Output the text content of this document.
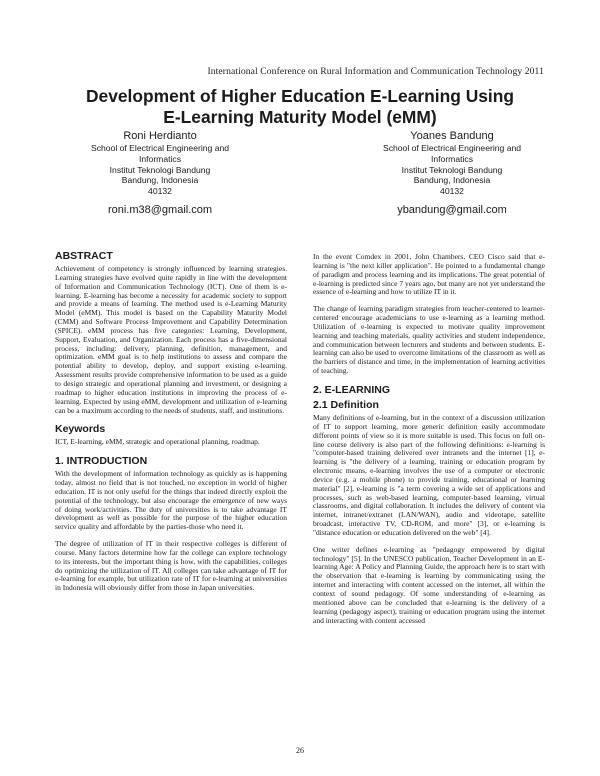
International Conference on Rural Information and Communication Technology 2011
Development of Higher Education E-Learning Using
E-Learning Maturity Model (eMM)
Roni Herdianto
School of Electrical Engineering and
Informatics
Institut Teknologi Bandung
Bandung, Indonesia
40132
roni.m38@gmail.com
Yoanes Bandung
School of Electrical Engineering and
Informatics
Institut Teknologi Bandung
Bandung, Indonesia
40132
ybandung@gmail.com
ABSTRACT

Achievement of competency is strongly influenced by learning strategies. Learning strategies have evolved quite rapidly in line with the development of Information and Communication Technology (ICT). One of them is e-learning. E-learning has become a necessity for academic society to support and provide a means of learning. The method used is e-Learning Maturity Model (eMM). This model is based on the Capability Maturity Model (CMM) and Software Process Improvement and Capability Determination (SPICE). eMM process has five categories: Learning, Development, Support, Evaluation, and Organization. Each process has a five-dimensional process, including: delivery, planning, definition, management, and optimization. eMM goal is to help institutions to assess and compare the potential ability to develop, deploy, and support existing e-learning. Assessment results provide comprehensive information to be used as a guide to design strategic and operational planning and investment, or designing a roadmap to higher education institutions in improving the process of e-learning. Expected by using eMM, development and utilization of e-learning can be a maximum according to the needs of students, staff, and institutions.

Keywords

ICT, E-learning, eMM, strategic and operational planning, roadmap.

1. INTRODUCTION

With the development of information technology as quickly as is happening today, almost no field that is not touched, no exception in world of higher education. IT is not only useful for the things that indeed directly exploit the potential of the technology, but also encourage the emergence of new ways of doing work/activities. The duty of universities is to take advantage IT development as well as possible for the purpose of the higher education service quality and affordable by the parties-those who need it.

The degree of utilization of IT in their respective colleges is different of course. Many factors determine how far the college can explore technology to its interests, but the important thing is how, with the capabilities, colleges do optimizing the utilization of IT. All colleges can take advantage of IT for e-learning for example, but utilization rate of IT for e-learning at universities in Indonesia will obviously differ from those in Japan universities.

In the event Comdex in 2001, John Chambers, CEO Cisco said that e-learning is "the next killer application". He pointed to a fundamental change of paradigm and process learning and its implications. The great potential of e-learning is predicted since 7 years ago, but many are not yet understand the essence of e-learning and how to utilize IT in it.

The change of learning paradigm strategies from teacher-centered to learner-centered encourage academicians to use e-learning as a learning method. Utilization of e-learning is expected to motivate quality improvement learning and teaching materials, quality activities and student independence, and communication between lecturers and students and between students. E-learning can also be used to overcome limitations of the classroom as well as the barriers of distance and time, in the implementation of learning activities of teaching.

2. E-LEARNING
2.1 Definition

Many definitions of e-learning, but in the context of a discussion utilization of IT to support learning, more generic definition easily accommodate different points of view so it is more suitable is used. This focus on full on-line course delivery is also part of the following definitions: e-learning is "computer-based training delivered over intranets and the internet [1], e-learning is "the delivery of a learning, training or education program by electronic means, e-learning involves the use of a computer or electronic device (e.g. a mobile phone) to provide training, educational or learning material" [2], e-learning is "a term covering a wide set of applications and processes, such as web-based learning, computer-based learning, virtual classrooms, and digital collaboration. It includes the delivery of content via internet, intranet/extranet (LAN/WAN), audio and videotape, satellite broadcast, interactive TV, CD-ROM, and more" [3], or e-learning is "distance education or education delivered on the web" [4].

One writer defines e-learning as "pedagogy empowered by digital technology" [5]. In the UNESCO publication, Teacher Development in an E-learning Age: A Policy and Planning Guide, the approach here is to start with the observation that e-learning is learning by communicating using the internet and interacting with content accessed on the internet, all within the context of sound pedagogy. Of some understanding of e-learning as mentioned above can be concluded that e-learning is the delivery of a learning (pedagogy aspect), training or education program using the internet and interacting with content accessed

26
